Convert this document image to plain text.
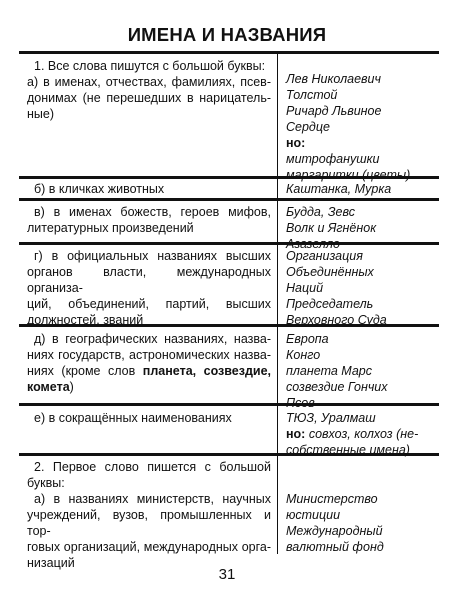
ИМЕНА И НАЗВАНИЯ
1. Все слова пишутся с большой буквы:
а) в именах, отчествах, фамилиях, псев-
донимах (не перешедших в нарицатель-
ные)
Лев Николаевич
Толстой
Ричард Львиное
Сердце
но:
митрофанушки
маргаритки (цветы)
б) в кличках животных	Каштанка, Мурка
в) в именах божеств, героев мифов,
литературных произведений
Будда, Зевс
Волк и Ягнёнок
Азазелло
г) в официальных названиях высших
органов власти, международных организа-
ций, объединений, партий, высших
должностей, званий
Организация
Объединённых
Наций
Председатель
Верховного Суда
д) в географических названиях, назва-
ниях государств, астрономических назва-
ниях (кроме слов планета, созвездие,
комета)
Европа
Конго
планета Марс
созвездие Гончих
Псов
е) в сокращённых наименованиях	ТЮЗ, Уралмаш
но: совхоз, колхоз (не-
собственные имена)
2. Первое слово пишется с большой
буквы:
а) в названиях министерств, научных
учреждений, вузов, промышленных и тор-
говых организаций, международных орга-
низаций
Министерство
юстиции
Международный
валютный фонд
31
